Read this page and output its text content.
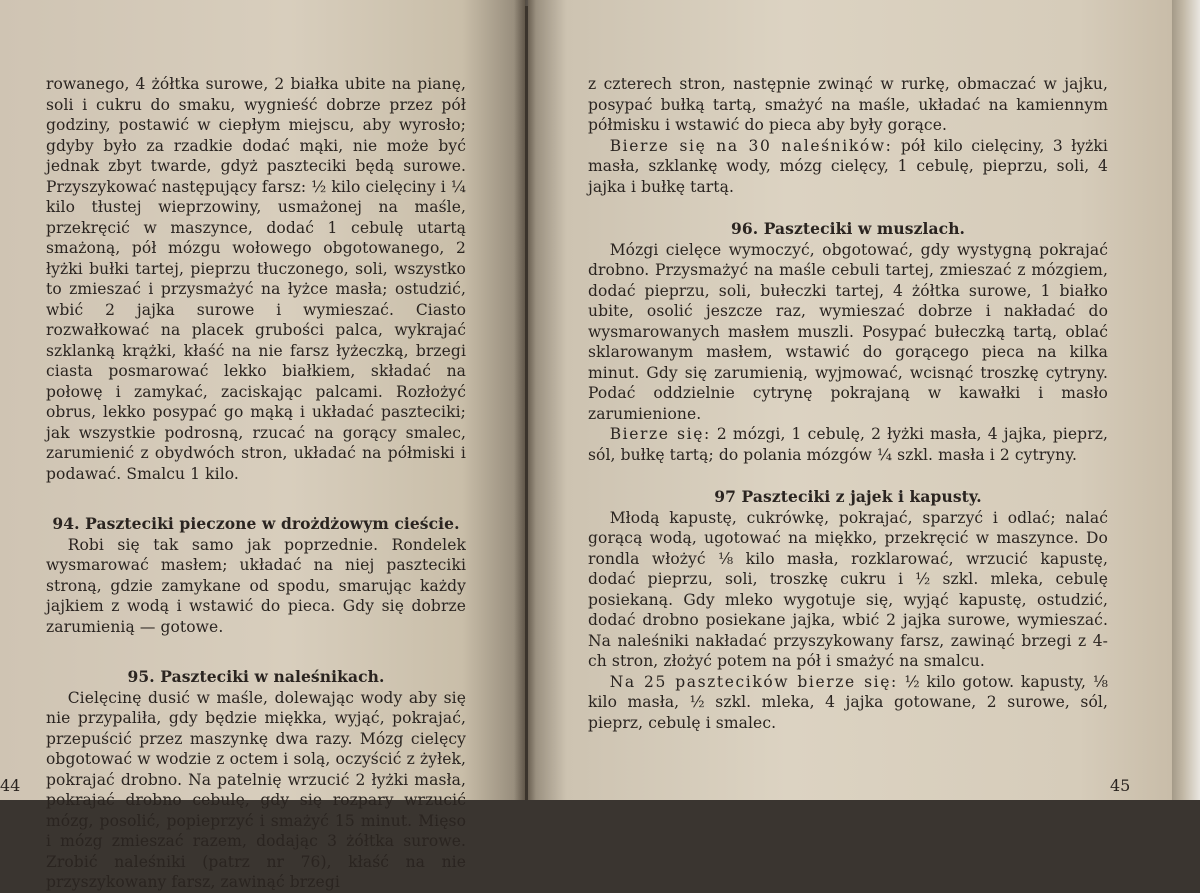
rowanego, 4 żółtka surowe, 2 białka ubite na pianę, soli i cukru do smaku, wygnieść dobrze przez pół godziny, postawić w ciepłym miejscu, aby wyrosło; gdyby było za rzadkie dodać mąki, nie może być jednak zbyt twarde, gdyż paszteciki będą surowe. Przyszykować następujący farsz: ½ kilo cielęciny i ¼ kilo tłustej wieprzowiny, usmażonej na maśle, przekręcić w maszynce, dodać 1 cebulę utartą smażoną, pół mózgu wołowego obgotowanego, 2 łyżki bułki tartej, pieprzu tłuczonego, soli, wszystko to zmieszać i przysmażyć na łyżce masła; ostudzić, wbić 2 jajka surowe i wymieszać. Ciasto rozwałkować na placek grubości palca, wykrajać szklanką krążki, kłaść na nie farsz łyżeczką, brzegi ciasta posmarować lekko białkiem, składać na połowę i zamykać, zaciskając palcami. Rozłożyć obrus, lekko posypać go mąką i układać paszteciki; jak wszystkie podrosną, rzucać na gorący smalec, zarumienić z obydwóch stron, układać na półmiski i podawać. Smalcu 1 kilo.

94. Paszteciki pieczone w drożdżowym cieście.

Robi się tak samo jak poprzednie. Rondelek wysmarować masłem; układać na niej paszteciki stroną, gdzie zamykane od spodu, smarując każdy jajkiem z wodą i wstawić do pieca. Gdy się dobrze zarumienią — gotowe.

95. Paszteciki w naleśnikach.

Cielęcinę dusić w maśle, dolewając wody aby się nie przypaliła, gdy będzie miękka, wyjąć, pokrajać, przepuścić przez maszynkę dwa razy. Mózg cielęcy obgotować w wodzie z octem i solą, oczyścić z żyłek, pokrajać drobno. Na patelnię wrzucić 2 łyżki masła, pokrajać drobno cebulę, gdy się rozpary wrzucić mózg, posolić, popieprzyć i smażyć 15 minut. Mięso i mózg zmieszać razem, dodając 3 żółtka surowe. Zrobić naleśniki (patrz nr 76), kłaść na nie przyszykowany farsz, zawinąć brzegi

44

z czterech stron, następnie zwinąć w rurkę, obmaczać w jajku, posypać bułką tartą, smażyć na maśle, układać na kamiennym półmisku i wstawić do pieca aby były gorące.

Bierze się na 30 naleśników: pół kilo cielęciny, 3 łyżki masła, szklankę wody, mózg cielęcy, 1 cebulę, pieprzu, soli, 4 jajka i bułkę tartą.

96. Paszteciki w muszlach.

Mózgi cielęce wymoczyć, obgotować, gdy wystygną pokrajać drobno. Przysmażyć na maśle cebuli tartej, zmieszać z mózgiem, dodać pieprzu, soli, bułeczki tartej, 4 żółtka surowe, 1 białko ubite, osolić jeszcze raz, wymieszać dobrze i nakładać do wysmarowanych masłem muszli. Posypać bułeczką tartą, oblać sklarowanym masłem, wstawić do gorącego pieca na kilka minut. Gdy się zarumienią, wyjmować, wcisnąć troszkę cytryny. Podać oddzielnie cytrynę pokrajaną w kawałki i masło zarumienione.

Bierze się: 2 mózgi, 1 cebulę, 2 łyżki masła, 4 jajka, pieprz, sól, bułkę tartą; do polania mózgów ¼ szkl. masła i 2 cytryny.

97 Paszteciki z jajek i kapusty.

Młodą kapustę, cukrówkę, pokrajać, sparzyć i odlać; nalać gorącą wodą, ugotować na miękko, przekręcić w maszynce. Do rondla włożyć ⅛ kilo masła, rozklarować, wrzucić kapustę, dodać pieprzu, soli, troszkę cukru i ½ szkl. mleka, cebulę posiekaną. Gdy mleko wygotuje się, wyjąć kapustę, ostudzić, dodać drobno posiekane jajka, wbić 2 jajka surowe, wymieszać. Na naleśniki nakładać przyszykowany farsz, zawinąć brzegi z 4-ch stron, złożyć potem na pół i smażyć na smalcu.

Na 25 pasztecików bierze się: ½ kilo gotow. kapusty, ⅛ kilo masła, ½ szkl. mleka, 4 jajka gotowane, 2 surowe, sól, pieprz, cebulę i smalec.

45
